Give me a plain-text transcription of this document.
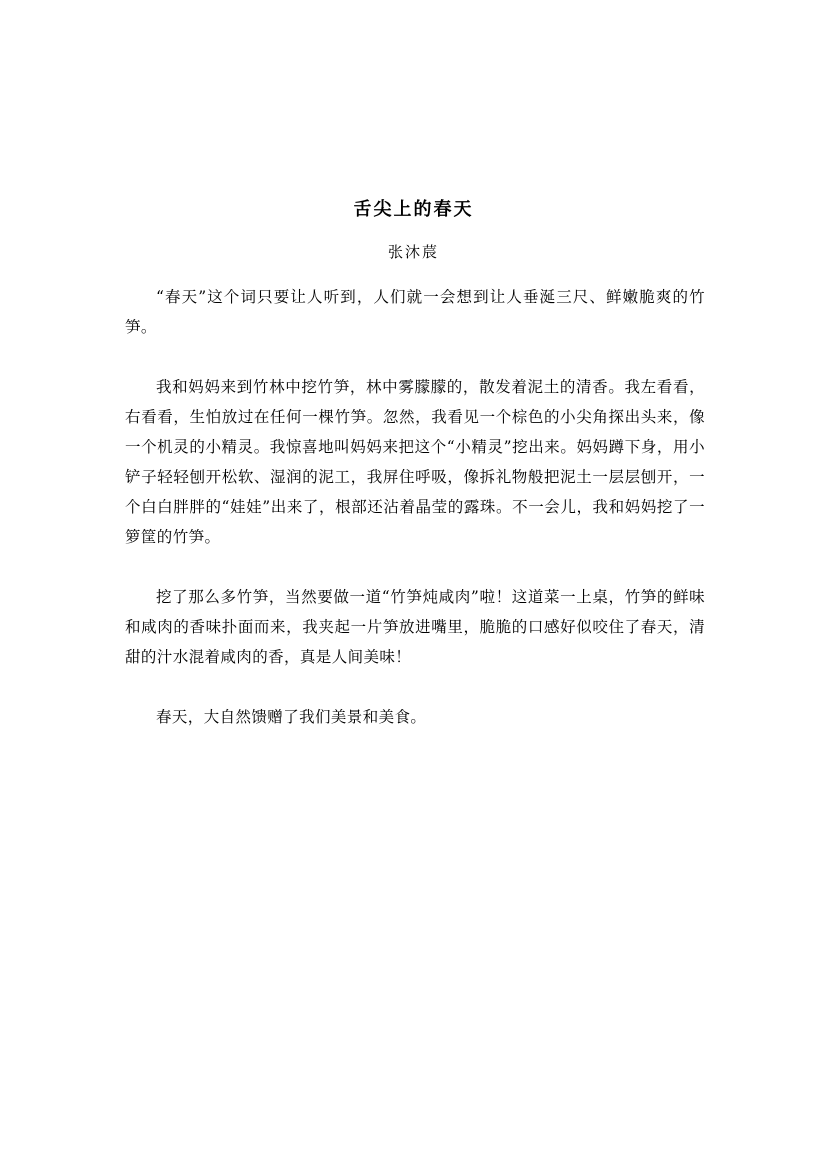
舌尖上的春天
张沐莀

“春天”这个词只要让人听到，人们就一会想到让人垂涎三尺、鲜嫩脆爽的竹笋。

我和妈妈来到竹林中挖竹笋，林中雾朦朦的，散发着泥土的清香。我左看看，右看看，生怕放过在任何一棵竹笋。忽然，我看见一个棕色的小尖角探出头来，像一个机灵的小精灵。我惊喜地叫妈妈来把这个“小精灵”挖出来。妈妈蹲下身，用小铲子轻轻刨开松软、湿润的泥工，我屏住呼吸，像拆礼物般把泥土一层层刨开，一个白白胖胖的“娃娃”出来了，根部还沾着晶莹的露珠。不一会儿，我和妈妈挖了一箩筐的竹笋。

挖了那么多竹笋，当然要做一道“竹笋炖咸肉”啦！这道菜一上桌，竹笋的鲜味和咸肉的香味扑面而来，我夹起一片笋放进嘴里，脆脆的口感好似咬住了春天，清甜的汁水混着咸肉的香，真是人间美味！

春天，大自然馈赠了我们美景和美食。
